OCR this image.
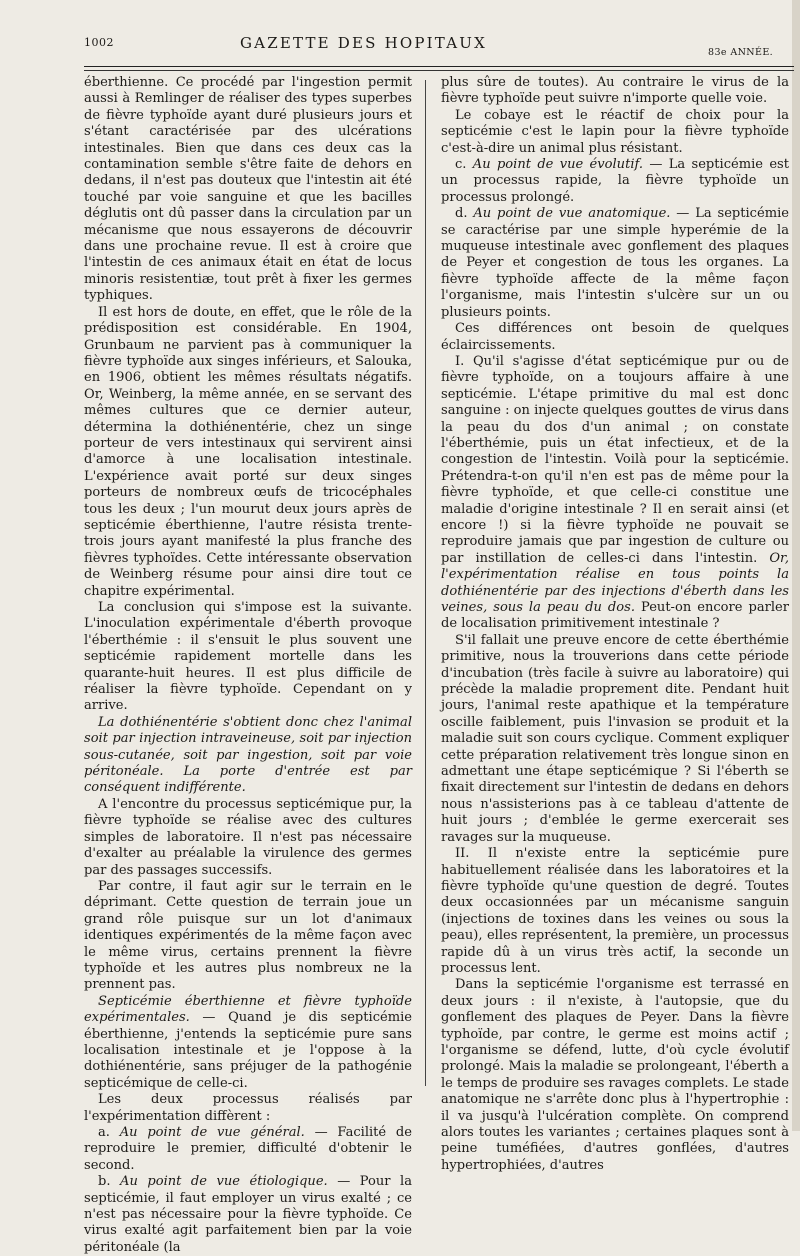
1002	GAZETTE DES HOPITAUX
83e ANNÉE.

éberthienne. Ce procédé par l'ingestion permit aussi à Remlinger de réaliser des types superbes de fièvre typhoïde ayant duré plusieurs jours et s'étant caractérisée par des ulcérations intestinales. Bien que dans ces deux cas la contamination semble s'être faite de dehors en dedans, il n'est pas douteux que l'intestin ait été touché par voie sanguine et que les bacilles déglutis ont dû passer dans la circulation par un mécanisme que nous essayerons de découvrir dans une prochaine revue. Il est à croire que l'intestin de ces animaux était en état de locus minoris resistentiæ, tout prêt à fixer les germes typhiques.

Il est hors de doute, en effet, que le rôle de la prédisposition est considérable. En 1904, Grunbaum ne parvient pas à communiquer la fièvre typhoïde aux singes inférieurs, et Salouka, en 1906, obtient les mêmes résultats négatifs. Or, Weinberg, la même année, en se servant des mêmes cultures que ce dernier auteur, détermina la dothiénentérie, chez un singe porteur de vers intestinaux qui servirent ainsi d'amorce à une localisation intestinale. L'expérience avait porté sur deux singes porteurs de nombreux œufs de tricocéphales tous les deux ; l'un mourut deux jours après de septicémie éberthienne, l'autre résista trente-trois jours ayant manifesté la plus franche des fièvres typhoïdes. Cette intéressante observation de Weinberg résume pour ainsi dire tout ce chapitre expérimental.

La conclusion qui s'impose est la suivante. L'inoculation expérimentale d'éberth provoque l'éberthémie : il s'ensuit le plus souvent une septicémie rapidement mortelle dans les quarante-huit heures. Il est plus difficile de réaliser la fièvre typhoïde. Cependant on y arrive.

La dothiénentérie s'obtient donc chez l'animal soit par injection intraveineuse, soit par injection sous-cutanée, soit par ingestion, soit par voie péritonéale. La porte d'entrée est par conséquent indifférente.

A l'encontre du processus septicémique pur, la fièvre typhoïde se réalise avec des cultures simples de laboratoire. Il n'est pas nécessaire d'exalter au préalable la virulence des germes par des passages successifs.

Par contre, il faut agir sur le terrain en le déprimant. Cette question de terrain joue un grand rôle puisque sur un lot d'animaux identiques expérimentés de la même façon avec le même virus, certains prennent la fièvre typhoïde et les autres plus nombreux ne la prennent pas.

Septicémie éberthienne et fièvre typhoïde expérimentales. — Quand je dis septicémie éberthienne, j'entends la septicémie pure sans localisation intestinale et je l'oppose à la dothiénentérie, sans préjuger de la pathogénie septicémique de celle-ci.

Les deux processus réalisés par l'expérimentation diffèrent :

a. Au point de vue général. — Facilité de reproduire le premier, difficulté d'obtenir le second.

b. Au point de vue étiologique. — Pour la septicémie, il faut employer un virus exalté ; ce n'est pas nécessaire pour la fièvre typhoïde. Ce virus exalté agit parfaitement bien par la voie péritonéale (la

plus sûre de toutes). Au contraire le virus de la fièvre typhoïde peut suivre n'importe quelle voie.

Le cobaye est le réactif de choix pour la septicémie c'est le lapin pour la fièvre typhoïde c'est-à-dire un animal plus résistant.

c. Au point de vue évolutif. — La septicémie est un processus rapide, la fièvre typhoïde un processus prolongé.

d. Au point de vue anatomique. — La septicémie se caractérise par une simple hyperémie de la muqueuse intestinale avec gonflement des plaques de Peyer et congestion de tous les organes. La fièvre typhoïde affecte de la même façon l'organisme, mais l'intestin s'ulcère sur un ou plusieurs points.

Ces différences ont besoin de quelques éclaircissements.

I. Qu'il s'agisse d'état septicémique pur ou de fièvre typhoïde, on a toujours affaire à une septicémie. L'étape primitive du mal est donc sanguine : on injecte quelques gouttes de virus dans la peau du dos d'un animal ; on constate l'éberthémie, puis un état infectieux, et de la congestion de l'intestin. Voilà pour la septicémie. Prétendra-t-on qu'il n'en est pas de même pour la fièvre typhoïde, et que celle-ci constitue une maladie d'origine intestinale ? Il en serait ainsi (et encore !) si la fièvre typhoïde ne pouvait se reproduire jamais que par ingestion de culture ou par instillation de celles-ci dans l'intestin. Or, l'expérimentation réalise en tous points la dothiénentérie par des injections d'éberth dans les veines, sous la peau du dos. Peut-on encore parler de localisation primitivement intestinale ?

S'il fallait une preuve encore de cette éberthémie primitive, nous la trouverions dans cette période d'incubation (très facile à suivre au laboratoire) qui précède la maladie proprement dite. Pendant huit jours, l'animal reste apathique et la température oscille faiblement, puis l'invasion se produit et la maladie suit son cours cyclique. Comment expliquer cette préparation relativement très longue sinon en admettant une étape septicémique ? Si l'éberth se fixait directement sur l'intestin de dedans en dehors nous n'assisterions pas à ce tableau d'attente de huit jours ; d'emblée le germe exercerait ses ravages sur la muqueuse.

II. Il n'existe entre la septicémie pure habituellement réalisée dans les laboratoires et la fièvre typhoïde qu'une question de degré. Toutes deux occasionnées par un mécanisme sanguin (injections de toxines dans les veines ou sous la peau), elles représentent, la première, un processus rapide dû à un virus très actif, la seconde un processus lent.

Dans la septicémie l'organisme est terrassé en deux jours : il n'existe, à l'autopsie, que du gonflement des plaques de Peyer. Dans la fièvre typhoïde, par contre, le germe est moins actif ; l'organisme se défend, lutte, d'où cycle évolutif prolongé. Mais la maladie se prolongeant, l'éberth a le temps de produire ses ravages complets. Le stade anatomique ne s'arrête donc plus à l'hypertrophie : il va jusqu'à l'ulcération complète. On comprend alors toutes les variantes ; certaines plaques sont à peine tuméfiées, d'autres gonflées, d'autres hypertrophiées, d'autres
